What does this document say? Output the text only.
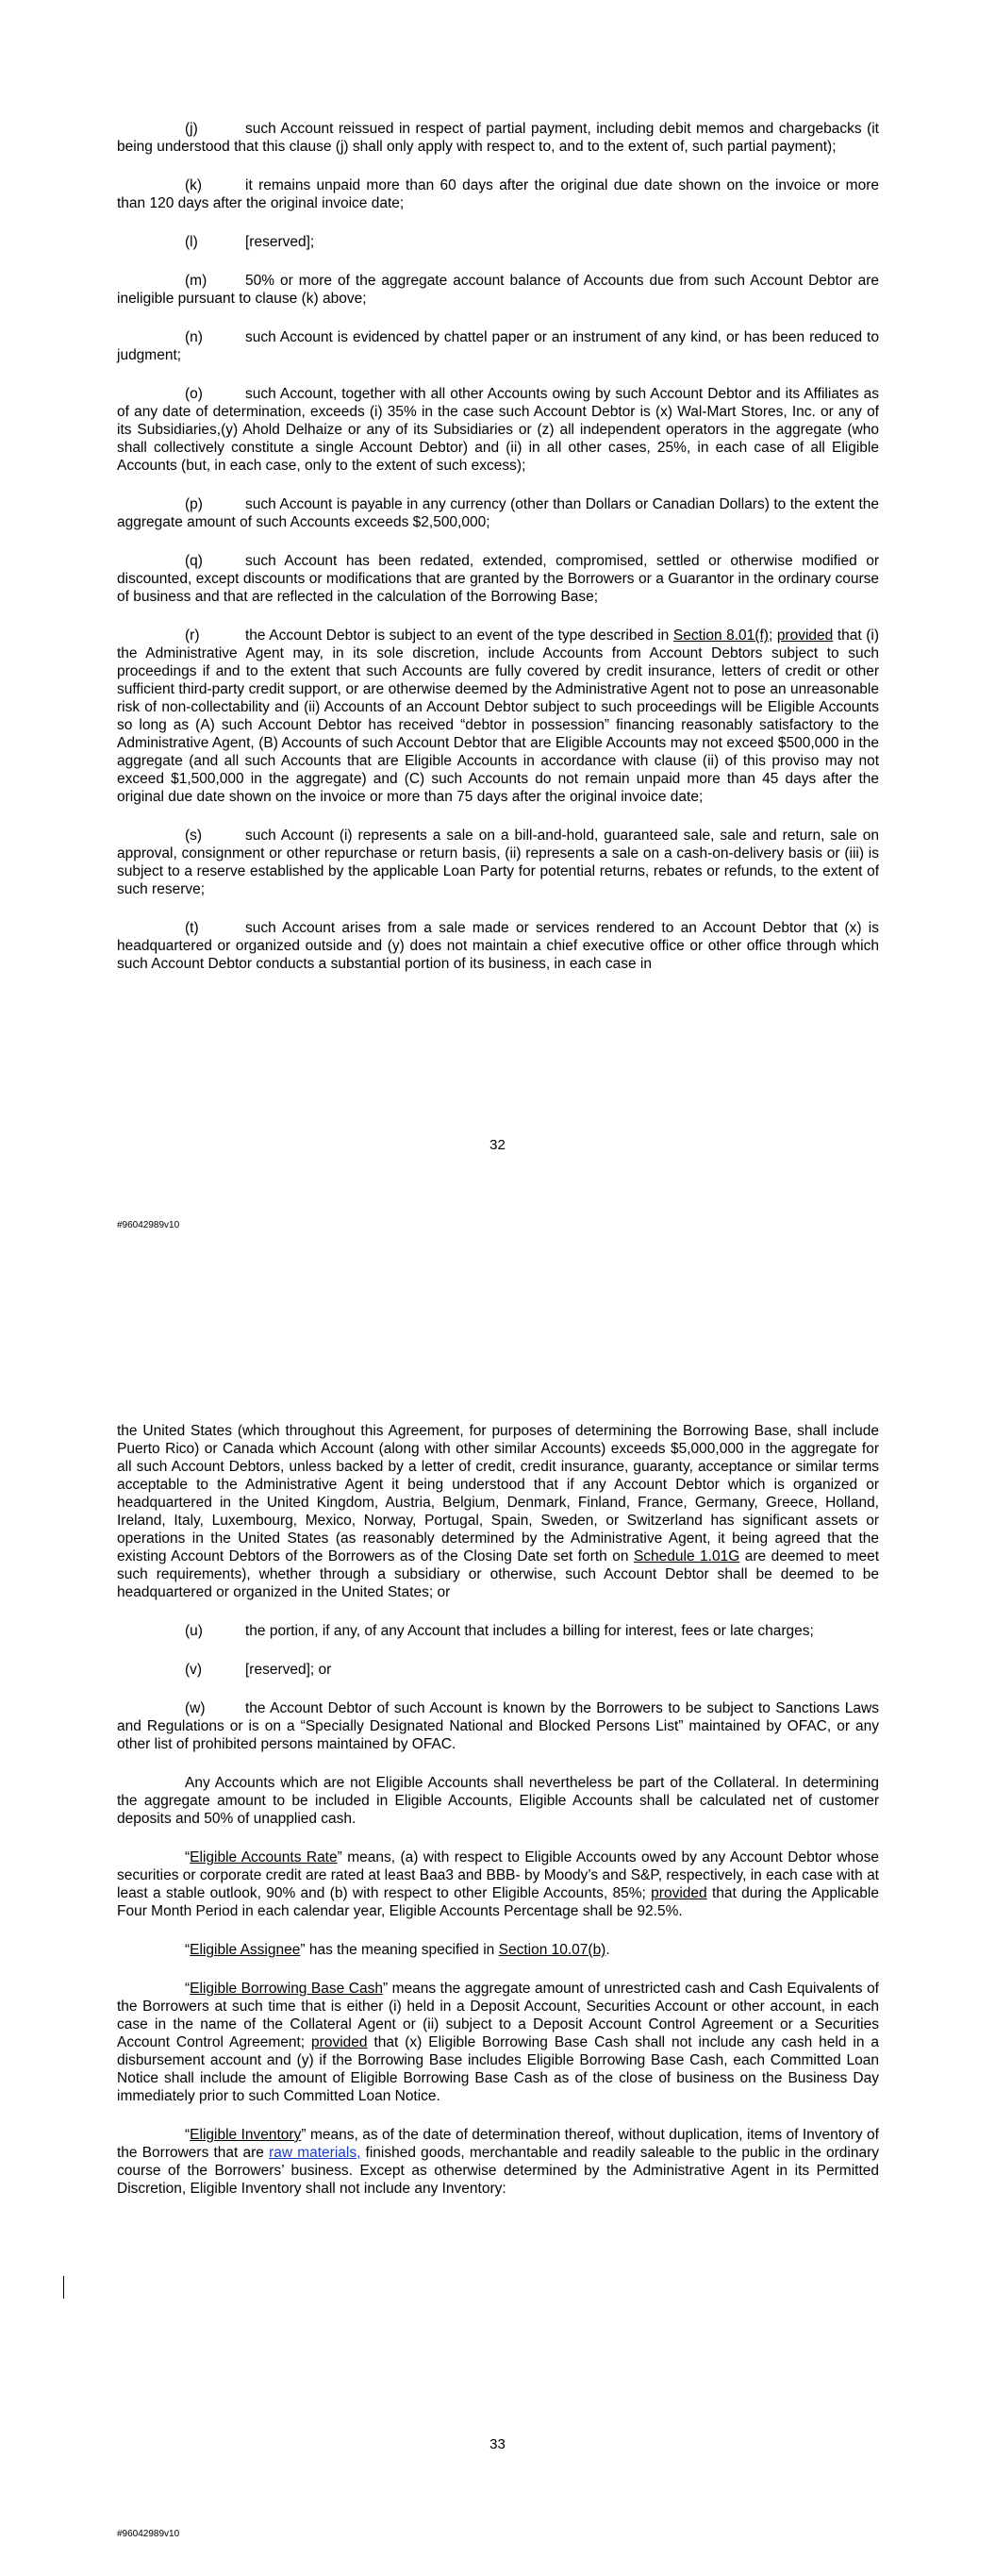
(j)	such Account reissued in respect of partial payment, including debit memos and chargebacks (it being understood that this clause (j) shall only apply with respect to, and to the extent of, such partial payment);

(k)	it remains unpaid more than 60 days after the original due date shown on the invoice or more than 120 days after the original invoice date;

(l)	[reserved];

(m)	50% or more of the aggregate account balance of Accounts due from such Account Debtor are ineligible pursuant to clause (k) above;

(n)	such Account is evidenced by chattel paper or an instrument of any kind, or has been reduced to judgment;

(o)	such Account, together with all other Accounts owing by such Account Debtor and its Affiliates as of any date of determination, exceeds (i) 35% in the case such Account Debtor is (x) Wal-Mart Stores, Inc. or any of its Subsidiaries,(y) Ahold Delhaize or any of its Subsidiaries or (z) all independent operators in the aggregate (who shall collectively constitute a single Account Debtor) and (ii) in all other cases, 25%, in each case of all Eligible Accounts (but, in each case, only to the extent of such excess);

(p)	such Account is payable in any currency (other than Dollars or Canadian Dollars) to the extent the aggregate amount of such Accounts exceeds $2,500,000;

(q)	such Account has been redated, extended, compromised, settled or otherwise modified or discounted, except discounts or modifications that are granted by the Borrowers or a Guarantor in the ordinary course of business and that are reflected in the calculation of the Borrowing Base;

(r)	the Account Debtor is subject to an event of the type described in Section 8.01(f); provided that (i) the Administrative Agent may, in its sole discretion, include Accounts from Account Debtors subject to such proceedings if and to the extent that such Accounts are fully covered by credit insurance, letters of credit or other sufficient third-party credit support, or are otherwise deemed by the Administrative Agent not to pose an unreasonable risk of non-collectability and (ii) Accounts of an Account Debtor subject to such proceedings will be Eligible Accounts so long as (A) such Account Debtor has received “debtor in possession” financing reasonably satisfactory to the Administrative Agent, (B) Accounts of such Account Debtor that are Eligible Accounts may not exceed $500,000 in the aggregate (and all such Accounts that are Eligible Accounts in accordance with clause (ii) of this proviso may not exceed $1,500,000 in the aggregate) and (C) such Accounts do not remain unpaid more than 45 days after the original due date shown on the invoice or more than 75 days after the original invoice date;

(s)	such Account (i) represents a sale on a bill-and-hold, guaranteed sale, sale and return, sale on approval, consignment or other repurchase or return basis, (ii) represents a sale on a cash-on-delivery basis or (iii) is subject to a reserve established by the applicable Loan Party for potential returns, rebates or refunds, to the extent of such reserve;

(t)	such Account arises from a sale made or services rendered to an Account Debtor that (x) is headquartered or organized outside and (y) does not maintain a chief executive office or other office through which such Account Debtor conducts a substantial portion of its business, in each case in

32
#96042989v10

the United States (which throughout this Agreement, for purposes of determining the Borrowing Base, shall include Puerto Rico) or Canada which Account (along with other similar Accounts) exceeds $5,000,000 in the aggregate for all such Account Debtors, unless backed by a letter of credit, credit insurance, guaranty, acceptance or similar terms acceptable to the Administrative Agent it being understood that if any Account Debtor which is organized or headquartered in the United Kingdom, Austria, Belgium, Denmark, Finland, France, Germany, Greece, Holland, Ireland, Italy, Luxembourg, Mexico, Norway, Portugal, Spain, Sweden, or Switzerland has significant assets or operations in the United States (as reasonably determined by the Administrative Agent, it being agreed that the existing Account Debtors of the Borrowers as of the Closing Date set forth on Schedule 1.01G are deemed to meet such requirements), whether through a subsidiary or otherwise, such Account Debtor shall be deemed to be headquartered or organized in the United States; or

(u)	the portion, if any, of any Account that includes a billing for interest, fees or late charges;

(v)	[reserved]; or

(w)	the Account Debtor of such Account is known by the Borrowers to be subject to Sanctions Laws and Regulations or is on a “Specially Designated National and Blocked Persons List” maintained by OFAC, or any other list of prohibited persons maintained by OFAC.

Any Accounts which are not Eligible Accounts shall nevertheless be part of the Collateral. In determining the aggregate amount to be included in Eligible Accounts, Eligible Accounts shall be calculated net of customer deposits and 50% of unapplied cash.

“Eligible Accounts Rate” means, (a) with respect to Eligible Accounts owed by any Account Debtor whose securities or corporate credit are rated at least Baa3 and BBB- by Moody’s and S&P, respectively, in each case with at least a stable outlook, 90% and (b) with respect to other Eligible Accounts, 85%; provided that during the Applicable Four Month Period in each calendar year, Eligible Accounts Percentage shall be 92.5%.

“Eligible Assignee” has the meaning specified in Section 10.07(b).

“Eligible Borrowing Base Cash” means the aggregate amount of unrestricted cash and Cash Equivalents of the Borrowers at such time that is either (i) held in a Deposit Account, Securities Account or other account, in each case in the name of the Collateral Agent or (ii) subject to a Deposit Account Control Agreement or a Securities Account Control Agreement; provided that (x) Eligible Borrowing Base Cash shall not include any cash held in a disbursement account and (y) if the Borrowing Base includes Eligible Borrowing Base Cash, each Committed Loan Notice shall include the amount of Eligible Borrowing Base Cash as of the close of business on the Business Day immediately prior to such Committed Loan Notice.

“Eligible Inventory” means, as of the date of determination thereof, without duplication, items of Inventory of the Borrowers that are raw materials, finished goods, merchantable and readily saleable to the public in the ordinary course of the Borrowers’ business. Except as otherwise determined by the Administrative Agent in its Permitted Discretion, Eligible Inventory shall not include any Inventory:

33
#96042989v10
